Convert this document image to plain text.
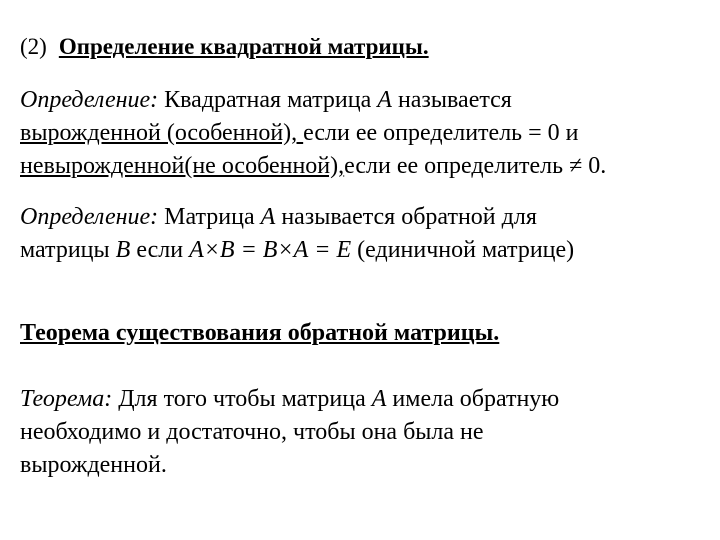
(2) Определение квадратной матрицы.
Определение: Квадратная матрица А называется
вырожденной (особенной), если ее определитель = 0 и
невырожденной(не особенной),если ее определитель ≠ 0.
Определение: Матрица А называется обратной для
матрицы В если А×В = В×А = Е (единичной матрице)
Теорема существования обратной матрицы.
Теорема: Для того чтобы матрица А имела обратную
необходимо и достаточно, чтобы она была не
вырожденной.
